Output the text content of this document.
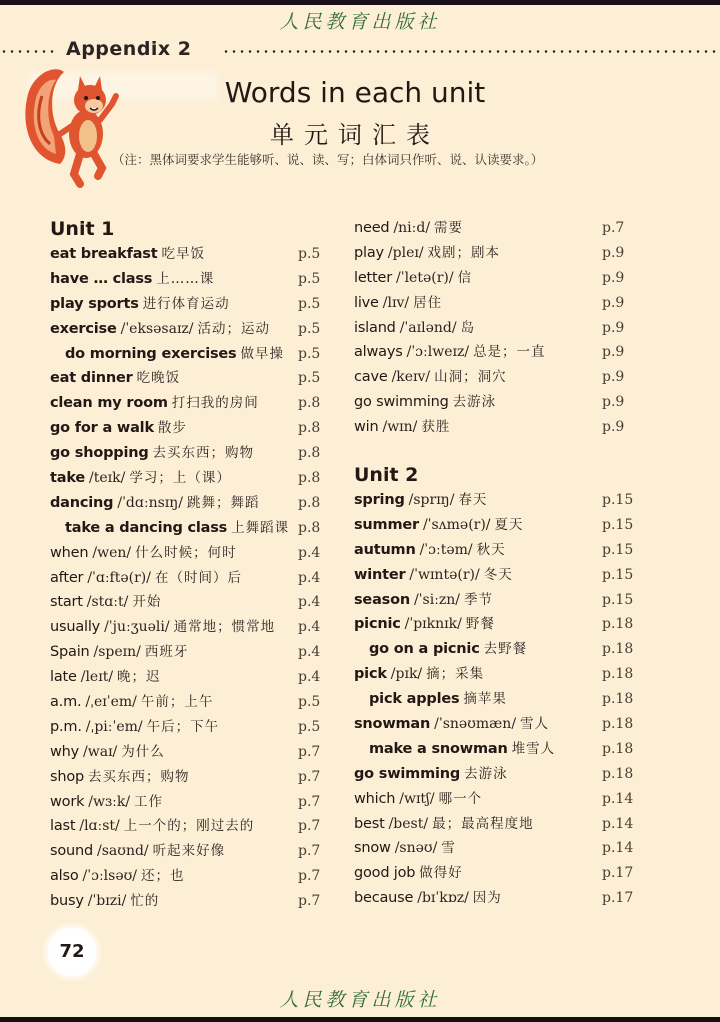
人民教育出版社
Appendix 2
Words in each unit
单元词汇表
（注：黑体词要求学生能够听、说、读、写；白体词只作听、说、认读要求。）
Unit 1
eat breakfast 吃早饭	p.5
have … class 上……课	p.5
play sports 进行体育运动	p.5
exercise /ˈeksəsaɪz/ 活动；运动 p.5
do morning exercises 做早操 p.5
eat dinner 吃晚饭	p.5
clean my room 打扫我的房间	p.8
go for a walk 散步	p.8
go shopping 去买东西；购物	p.8
take /teɪk/ 学习；上（课）	p.8
dancing /ˈdɑːnsɪŋ/ 跳舞；舞蹈	p.8
take a dancing class 上舞蹈课 p.8
when /wen/ 什么时候；何时	p.4
after /ˈɑːftə(r)/ 在（时间）后	p.4
start /stɑːt/ 开始	p.4
usually /ˈjuːʒuəli/ 通常地；惯常地 p.4
Spain /speɪn/ 西班牙	p.4
late /leɪt/ 晚；迟	p.4
a.m. /ˌeɪˈem/ 午前；上午	p.5
p.m. /ˌpiːˈem/ 午后；下午	p.5
why /waɪ/ 为什么	p.7
shop 去买东西；购物	p.7
work /wɜːk/ 工作	p.7
last /lɑːst/ 上一个的；刚过去的	p.7
sound /saʊnd/ 听起来好像	p.7
also /ˈɔːlsəʊ/ 还；也	p.7
busy /ˈbɪzi/ 忙的	p.7
need /niːd/ 需要	p.7
play /pleɪ/ 戏剧；剧本	p.9
letter /ˈletə(r)/ 信	p.9
live /lɪv/ 居住	p.9
island /ˈaɪlənd/ 岛	p.9
always /ˈɔːlweɪz/ 总是；一直	p.9
cave /keɪv/ 山洞；洞穴	p.9
go swimming 去游泳	p.9
win /wɪn/ 获胜	p.9
Unit 2
spring /sprɪŋ/ 春天	p.15
summer /ˈsʌmə(r)/ 夏天	p.15
autumn /ˈɔːtəm/ 秋天	p.15
winter /ˈwɪntə(r)/ 冬天	p.15
season /ˈsiːzn/ 季节	p.15
picnic /ˈpɪknɪk/ 野餐	p.18
go on a picnic 去野餐	p.18
pick /pɪk/ 摘；采集	p.18
pick apples 摘苹果	p.18
snowman /ˈsnəʊmæn/ 雪人	p.18
make a snowman 堆雪人	p.18
go swimming 去游泳	p.18
which /wɪtʃ/ 哪一个	p.14
best /best/ 最；最高程度地	p.14
snow /snəʊ/ 雪	p.14
good job 做得好	p.17
because /bɪˈkɒz/ 因为	p.17
72
人民教育出版社
